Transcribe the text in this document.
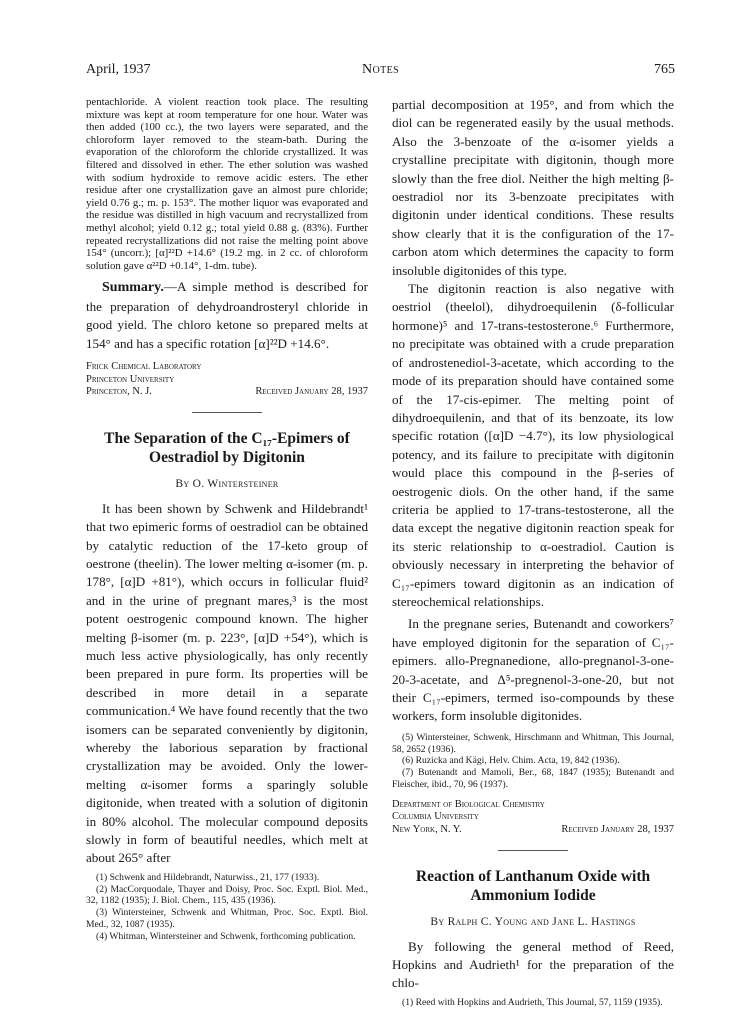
April, 1937	Notes	765

pentachloride. A violent reaction took place. The resulting mixture was kept at room temperature for one hour. Water was then added (100 cc.), the two layers were separated, and the chloroform layer removed to the steam-bath. During the evaporation of the chloroform the chloride crystallized. It was filtered and dissolved in ether. The ether solution was washed with sodium hydroxide to remove acidic esters. The ether residue after one crystallization gave an almost pure chloride; yield 0.76 g.; m. p. 153°. The mother liquor was evaporated and the residue was distilled in high vacuum and recrystallized from methyl alcohol; yield 0.12 g.; total yield 0.88 g. (83%). Further repeated recrystallizations did not raise the melting point above 154° (uncorr.); [α]²²D +14.6° (19.2 mg. in 2 cc. of chloroform solution gave α²²D +0.14°, 1-dm. tube).

Summary.—A simple method is described for the preparation of dehydroandrosteryl chloride in good yield. The chloro ketone so prepared melts at 154° and has a specific rotation [α]²²D +14.6°.

Frick Chemical Laboratory
Princeton University
Princeton, N. J.	Received January 28, 1937
The Separation of the C₁₇-Epimers of Oestradiol by Digitonin
By O. Wintersteiner

It has been shown by Schwenk and Hildebrandt¹ that two epimeric forms of oestradiol can be obtained by catalytic reduction of the 17-keto group of oestrone (theelin). The lower melting α-isomer (m. p. 178°, [α]D +81°), which occurs in follicular fluid² and in the urine of pregnant mares,³ is the most potent oestrogenic compound known. The higher melting β-isomer (m. p. 223°, [α]D +54°), which is much less active physiologically, has only recently been prepared in pure form. Its properties will be described in more detail in a separate communication.⁴ We have found recently that the two isomers can be separated conveniently by digitonin, whereby the laborious separation by fractional crystallization may be avoided. Only the lower-melting α-isomer forms a sparingly soluble digitonide, when treated with a solution of digitonin in 80% alcohol. The molecular compound deposits slowly in form of beautiful needles, which melt at about 265° after

(1) Schwenk and Hildebrandt, Naturwiss., 21, 177 (1933).

(2) MacCorquodale, Thayer and Doisy, Proc. Soc. Exptl. Biol. Med., 32, 1182 (1935); J. Biol. Chem., 115, 435 (1936).

(3) Wintersteiner, Schwenk and Whitman, Proc. Soc. Exptl. Biol. Med., 32, 1087 (1935).

(4) Whitman, Wintersteiner and Schwenk, forthcoming publication.

partial decomposition at 195°, and from which the diol can be regenerated easily by the usual methods. Also the 3-benzoate of the α-isomer yields a crystalline precipitate with digitonin, though more slowly than the free diol. Neither the high melting β-oestradiol nor its 3-benzoate precipitates with digitonin under identical conditions. These results show clearly that it is the configuration of the 17-carbon atom which determines the capacity to form insoluble digitonides of this type.

The digitonin reaction is also negative with oestriol (theelol), dihydroequilenin (δ-follicular hormone)⁵ and 17-trans-testosterone.⁶ Furthermore, no precipitate was obtained with a crude preparation of androstenediol-3-acetate, which according to the mode of its preparation should have contained some of the 17-cis-epimer. The melting point of dihydroequilenin, and that of its benzoate, its low specific rotation ([α]D −4.7°), its low physiological potency, and its failure to precipitate with digitonin would place this compound in the β-series of oestrogenic diols. On the other hand, if the same criteria be applied to 17-trans-testosterone, all the data except the negative digitonin reaction speak for its steric relationship to α-oestradiol. Caution is obviously necessary in interpreting the behavior of C₁₇-epimers toward digitonin as an indication of stereochemical relationships.

In the pregnane series, Butenandt and coworkers⁷ have employed digitonin for the separation of C₁₇-epimers. allo-Pregnanedione, allo-pregnanol-3-one-20-3-acetate, and Δ⁵-pregnenol-3-one-20, but not their C₁₇-epimers, termed iso-compounds by these workers, form insoluble digitonides.

(5) Wintersteiner, Schwenk, Hirschmann and Whitman, This Journal, 58, 2652 (1936).

(6) Ruzicka and Kägi, Helv. Chim. Acta, 19, 842 (1936).

(7) Butenandt and Mamoli, Ber., 68, 1847 (1935); Butenandt and Fleischer, ibid., 70, 96 (1937).

Department of Biological Chemistry
Columbia University
New York, N. Y.	Received January 28, 1937
Reaction of Lanthanum Oxide with Ammonium Iodide
By Ralph C. Young and Jane L. Hastings

By following the general method of Reed, Hopkins and Audrieth¹ for the preparation of the chlo-

(1) Reed with Hopkins and Audrieth, This Journal, 57, 1159 (1935).
